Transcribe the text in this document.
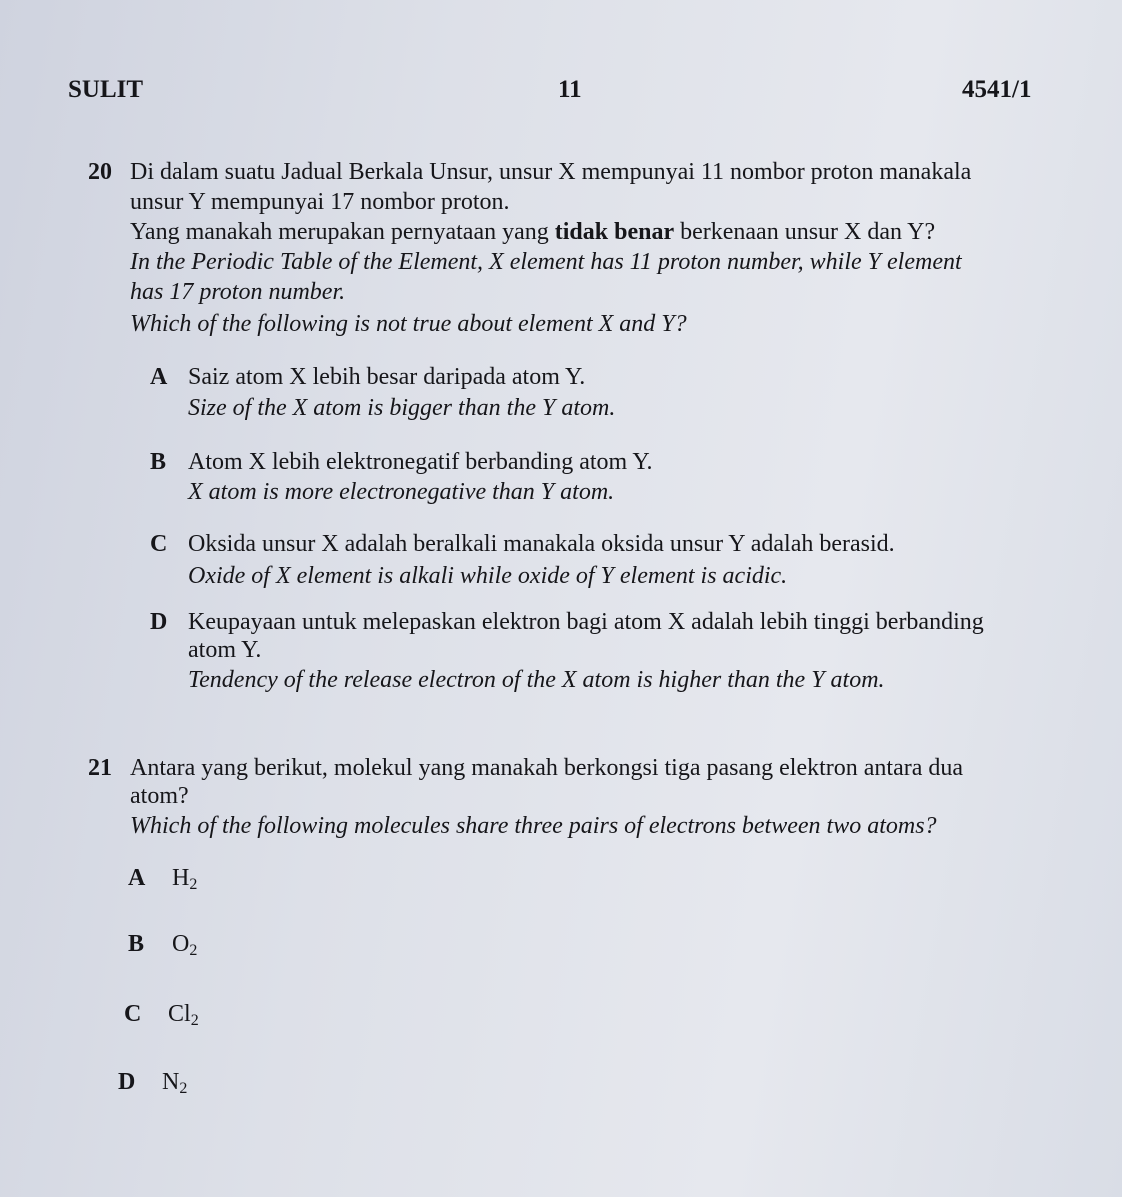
SULIT	11	4541/1
20 Di dalam suatu Jadual Berkala Unsur, unsur X mempunyai 11 nombor proton manakala
unsur Y mempunyai 17 nombor proton.
Yang manakah merupakan pernyataan yang tidak benar berkenaan unsur X dan Y?
In the Periodic Table of the Element, X element has 11 proton number, while Y element
has 17 proton number.
Which of the following is not true about element X and Y?
A Saiz atom X lebih besar daripada atom Y.
Size of the X atom is bigger than the Y atom.
B Atom X lebih elektronegatif berbanding atom Y.
X atom is more electronegative than Y atom.
C Oksida unsur X adalah beralkali manakala oksida unsur Y adalah berasid.
Oxide of X element is alkali while oxide of Y element is acidic.
D Keupayaan untuk melepaskan elektron bagi atom X adalah lebih tinggi berbanding
atom Y.
Tendency of the release electron of the X atom is higher than the Y atom.
21 Antara yang berikut, molekul yang manakah berkongsi tiga pasang elektron antara dua
atom?
Which of the following molecules share three pairs of electrons between two atoms?
A $H_2$
B $O_2$
C $Cl_2$
D $N_2$
